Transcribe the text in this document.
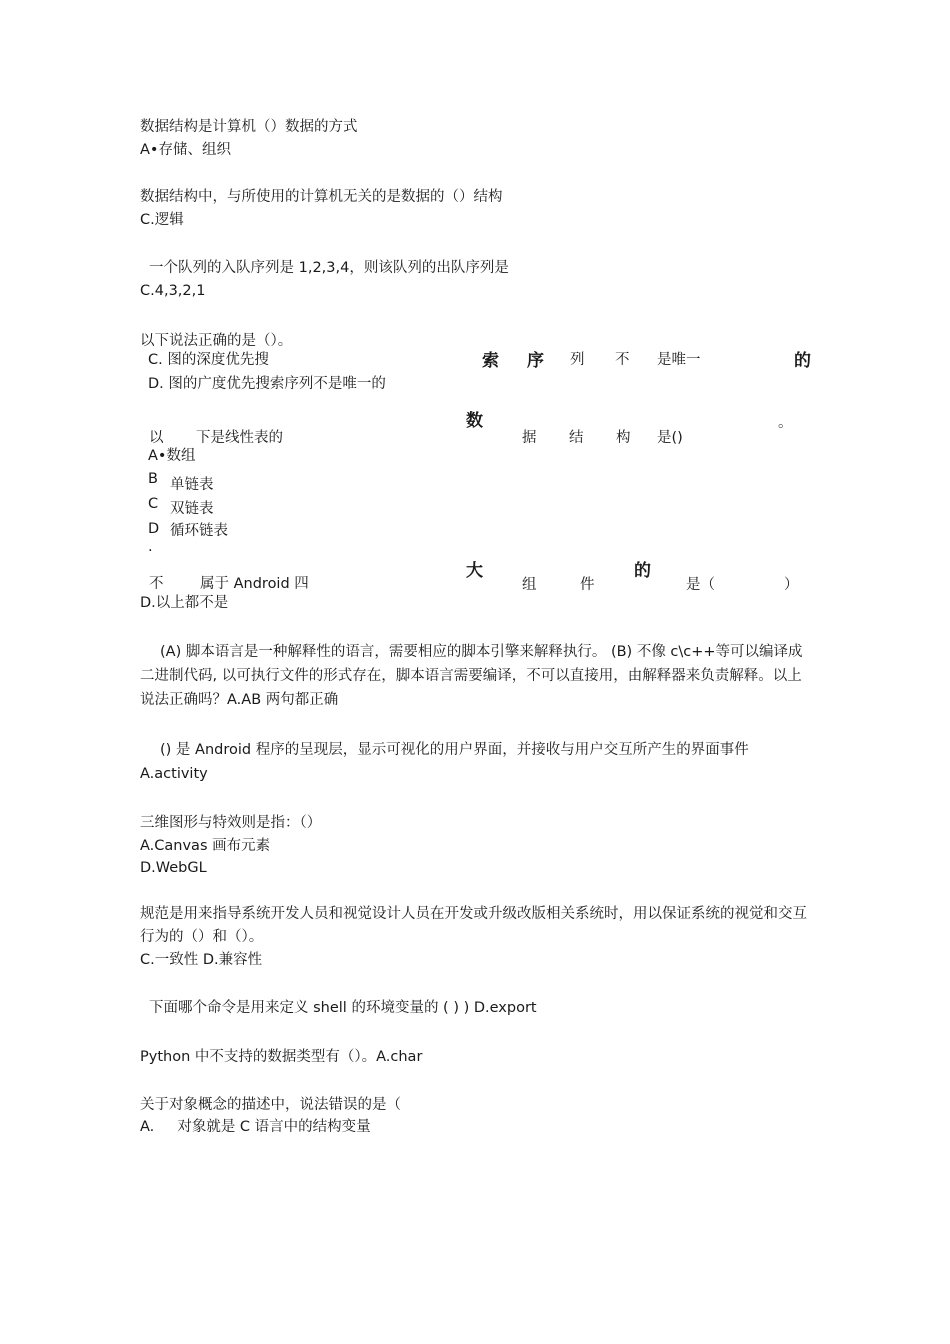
数据结构是计算机（）数据的方式
A•存储、组织
数据结构中，与所使用的计算机无关的是数据的（）结构
C.逻辑
一个队列的入队序列是 1,2,3,4，则该队列的出队序列是
C.4,3,2,1
以下说法正确的是（）。
C. 图的深度优先搜
D. 图的广度优先搜索序列不是唯一的
索 序 列 不 是唯一	的
数	。
以 下是线性表的	据 结 构 是()
A•数组
B 单链表
C 双链表
D 循环链表
.
大	的
不	属于 Android 四	组	件	是（	）
D.以上都不是
(A) 脚本语言是一种解释性的语言，需要相应的脚本引擎来解释执行。 (B) 不像 c\c++等可以编译成二进制代码, 以可执行文件的形式存在，脚本语言需要编译，不可以直接用，由解释器来负责解释。以上说法正确吗？A.AB 两句都正确
() 是 Android 程序的呈现层，显示可视化的用户界面，并接收与用户交互所产生的界面事件 A.activity
三维图形与特效则是指：（）
A.Canvas 画布元素
D.WebGL
规范是用来指导系统开发人员和视觉设计人员在开发或升级改版相关系统时，用以保证系统的视觉和交互行为的（）和（）。
C.一致性 D.兼容性
下面哪个命令是用来定义 shell 的环境变量的 ( ) ) D.export
Python 中不支持的数据类型有（）。A.char
关于对象概念的描述中，说法错误的是（
A.     对象就是 C 语言中的结构变量
